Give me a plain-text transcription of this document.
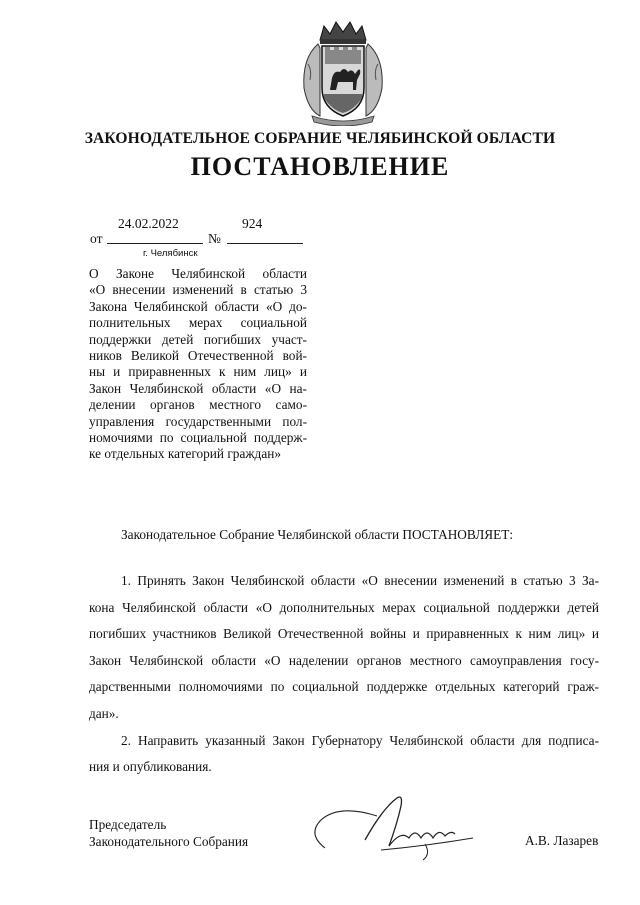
ЗАКОНОДАТЕЛЬНОЕ СОБРАНИЕ ЧЕЛЯБИНСКОЙ ОБЛАСТИ
ПОСТАНОВЛЕНИЕ
24.02.2022	924
от	№
г. Челябинск
О Законе Челябинской области
«О внесении изменений в статью 3
Закона Челябинской области «О до-
полнительных мерах социальной
поддержки детей погибших участ-
ников Великой Отечественной вой-
ны и приравненных к ним лиц» и
Закон Челябинской области «О на-
делении органов местного само-
управления государственными пол-
номочиями по социальной поддерж-
ке отдельных категорий граждан»
Законодательное Собрание Челябинской области ПОСТАНОВЛЯЕТ:
1. Принять Закон Челябинской области «О внесении изменений в статью 3 За-
кона Челябинской области «О дополнительных мерах социальной поддержки детей
погибших участников Великой Отечественной войны и приравненных к ним лиц» и
Закон Челябинской области «О наделении органов местного самоуправления госу-
дарственными полномочиями по социальной поддержке отдельных категорий граж-
дан».
2. Направить указанный Закон Губернатору Челябинской области для подписа-
ния и опубликования.
Председатель
Законодательного Собрания	А.В. Лазарев
